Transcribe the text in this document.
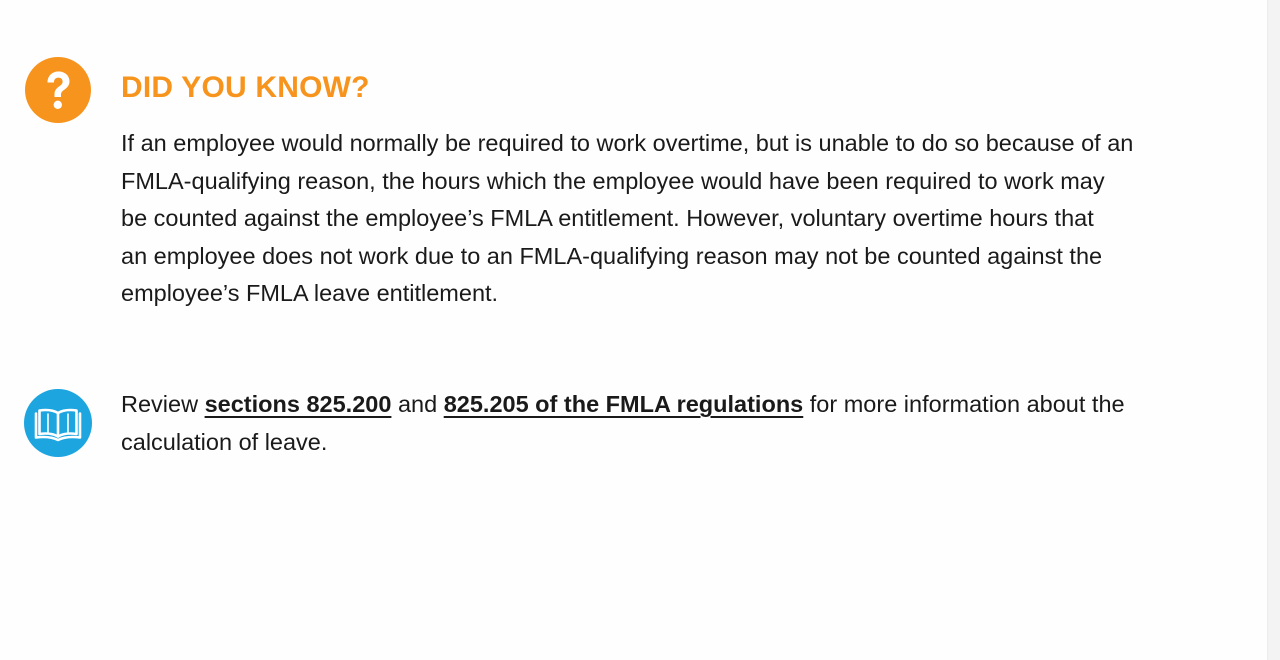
DID YOU KNOW?
If an employee would normally be required to work overtime, but is unable to do so because of an
FMLA-qualifying reason, the hours which the employee would have been required to work may
be counted against the employee’s FMLA entitlement. However, voluntary overtime hours that
an employee does not work due to an FMLA-qualifying reason may not be counted against the
employee’s FMLA leave entitlement.
Review sections 825.200 and 825.205 of the FMLA regulations for more information about the
calculation of leave.
